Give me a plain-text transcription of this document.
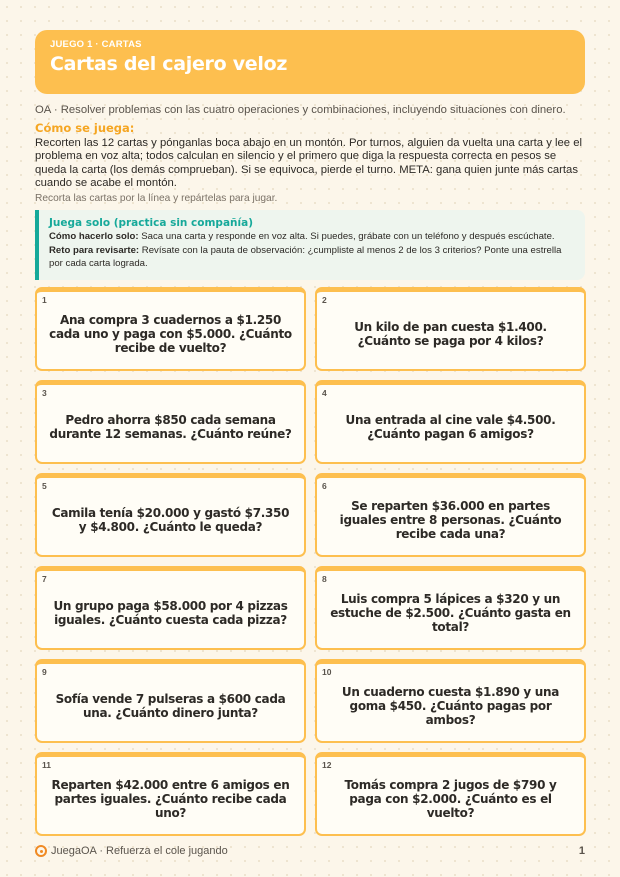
JUEGO 1 · CARTAS
Cartas del cajero veloz
OA · Resolver problemas con las cuatro operaciones y combinaciones, incluyendo situaciones con dinero.
Cómo se juega:
Recorten las 12 cartas y pónganlas boca abajo en un montón. Por turnos, alguien da vuelta una carta y lee el problema en voz alta; todos calculan en silencio y el primero que diga la respuesta correcta en pesos se queda la carta (los demás comprueban). Si se equivoca, pierde el turno. META: gana quien junte más cartas cuando se acabe el montón.
Recorta las cartas por la línea y repártelas para jugar.
Juega solo (practica sin compañía)

Cómo hacerlo solo: Saca una carta y responde en voz alta. Si puedes, grábate con un teléfono y después escúchate.

Reto para revisarte: Revísate con la pauta de observación: ¿cumpliste al menos 2 de los 3 criterios? Ponte una estrella por cada carta lograda.

1
Ana compra 3 cuadernos a $1.250 cada uno y paga con $5.000. ¿Cuánto recibe de vuelto?
2
Un kilo de pan cuesta $1.400. ¿Cuánto se paga por 4 kilos?
3
Pedro ahorra $850 cada semana durante 12 semanas. ¿Cuánto reúne?
4
Una entrada al cine vale $4.500. ¿Cuánto pagan 6 amigos?
5
Camila tenía $20.000 y gastó $7.350 y $4.800. ¿Cuánto le queda?
6
Se reparten $36.000 en partes iguales entre 8 personas. ¿Cuánto recibe cada una?
7
Un grupo paga $58.000 por 4 pizzas iguales. ¿Cuánto cuesta cada pizza?
8
Luis compra 5 lápices a $320 y un estuche de $2.500. ¿Cuánto gasta en total?
9
Sofía vende 7 pulseras a $600 cada una. ¿Cuánto dinero junta?
10
Un cuaderno cuesta $1.890 y una goma $450. ¿Cuánto pagas por ambos?
11
Reparten $42.000 entre 6 amigos en partes iguales. ¿Cuánto recibe cada uno?
12
Tomás compra 2 jugos de $790 y paga con $2.000. ¿Cuánto es el vuelto?
JuegaOA · Refuerza el cole jugando	1
